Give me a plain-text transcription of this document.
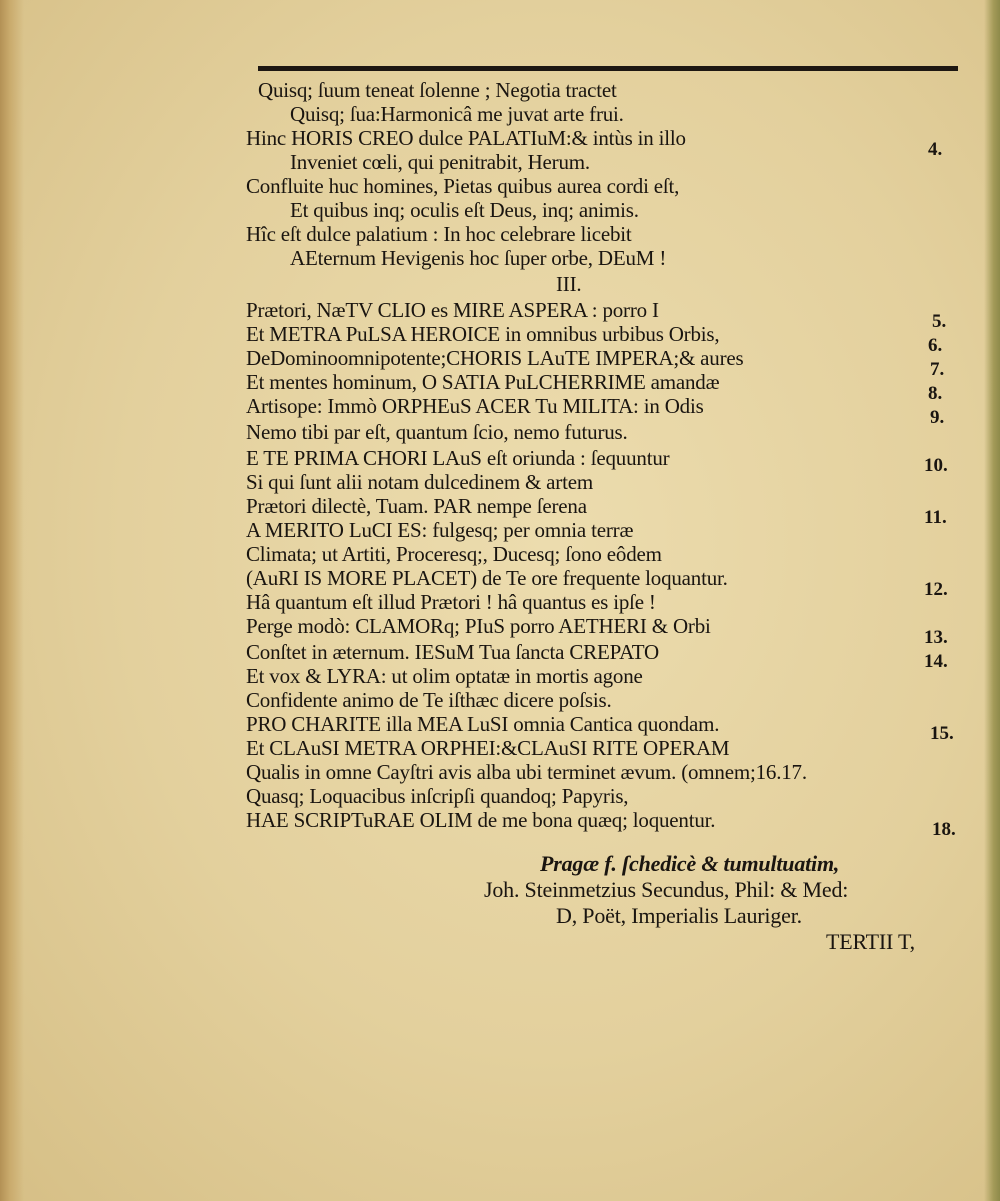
Quisq; ſuum teneat ſolenne ; Negotia tractet
Quisq; ſua:Harmonicâ me juvat arte frui.
Hinc HORIS CREO dulce PALATIuM:& intùs in illo	4.
Inveniet cœli, qui penitrabit, Herum.
Confluite huc homines, Pietas quibus aurea cordi eſt,
Et quibus inq; oculis eſt Deus, inq; animis.
Hîc eſt dulce palatium : In hoc celebrare licebit
AEternum Hevigenis hoc ſuper orbe, DEuM !
III.
Prætori, NæTV CLIO es MIRE ASPERA : porro I	5.
Et METRA PuLSA HEROICE in omnibus urbibus Orbis,	6.
DeDominoomnipotente;CHORIS LAuTE IMPERA;& aures	7.
Et mentes hominum, O SATIA PuLCHERRIME amandæ	8.
Artisope: Immò ORPHEuS ACER Tu MILITA: in Odis	9.
Nemo tibi par eſt, quantum ſcio, nemo futurus.
E TE PRIMA CHORI LAuS eſt oriunda : ſequuntur	10.
Si qui ſunt alii notam dulcedinem & artem
Prætori dilectè, Tuam. PAR nempe ſerena	11.
A MERITO LuCI ES: fulgesq; per omnia terræ
Climata; ut Artiti, Proceresq;, Ducesq; ſono eôdem
(AuRI IS MORE PLACET) de Te ore frequente loquantur.	12.
Hâ quantum eſt illud Prætori ! hâ quantus es ipſe !
Perge modò: CLAMORq; PIuS porro AETHERI & Orbi	13.
Conſtet in æternum. IESuM Tua ſancta CREPATO	14.
Et vox & LYRA: ut olim optatæ in mortis agone
Confidente animo de Te iſthæc dicere poſsis.
PRO CHARITE illa MEA LuSI omnia Cantica quondam.	15.
Et CLAuSI METRA ORPHEI:&CLAuSI RITE OPERAM
Qualis in omne Cayſtri avis alba ubi terminet ævum. (omnem;16.17.
Quasq; Loquacibus inſcripſi quandoq; Papyris,
HAE SCRIPTuRAE OLIM de me bona quæq; loquentur.	18.
Pragæ f. ſchedicè & tumultuatim,
Joh. Steinmetzius Secundus, Phil: & Med:
D, Poët, Imperialis Lauriger.
TERTII T,
